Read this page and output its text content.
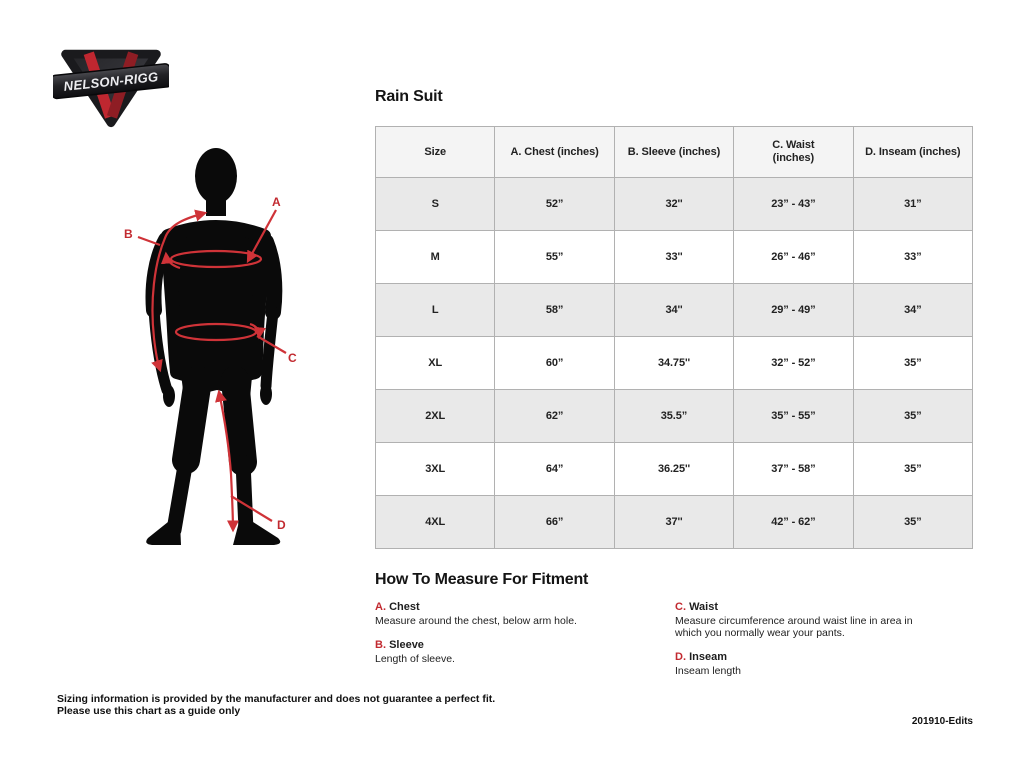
NELSON-RIGG
A
B
C
D
Rain Suit
Size	A. Chest (inches)	B. Sleeve (inches)	C. Waist (inches)	D. Inseam (inches)
S	52”	32''	23” - 43”	31”
M	55”	33''	26” - 46”	33”
L	58”	34''	29” - 49”	34”
XL	60”	34.75''	32” - 52”	35”
2XL	62”	35.5”	35” - 55”	35”
3XL	64”	36.25''	37” - 58”	35”
4XL	66”	37''	42” - 62”	35”
How To Measure For Fitment
A. Chest
Measure around the chest, below arm hole.
B. Sleeve
Length of sleeve.
C. Waist
Measure circumference around waist line in area in which you normally wear your pants.
D. Inseam
Inseam length
Sizing information is provided by the manufacturer and does not guarantee a perfect fit.
Please use this chart as a guide only
201910-Edits
